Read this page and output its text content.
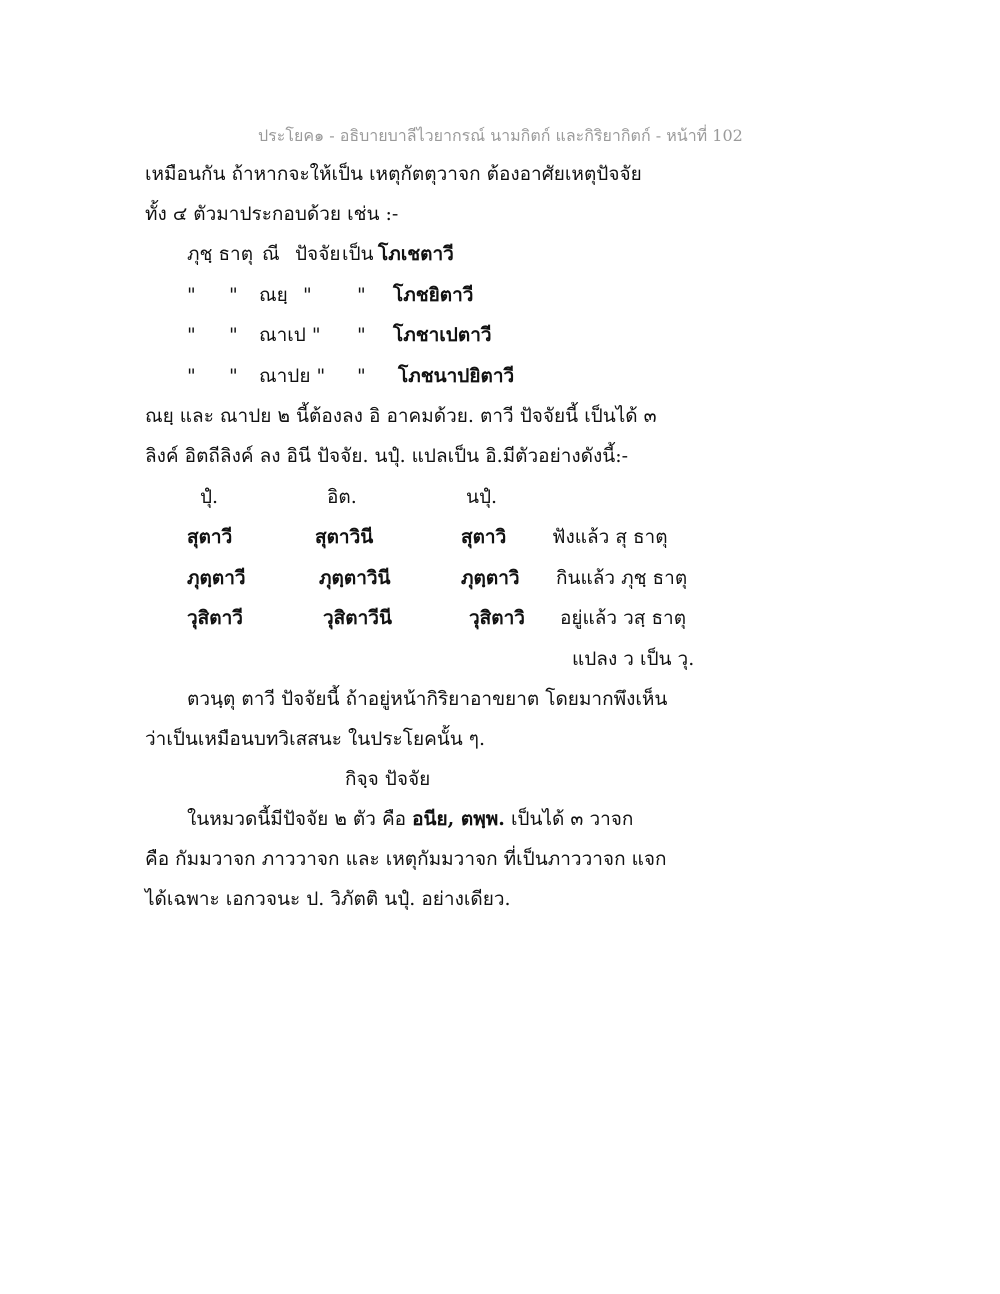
ประโยค๑ - อธิบายบาลีไวยากรณ์ นามกิตก์ และกิริยากิตก์ - หน้าที่ 102
เหมือนกัน ถ้าหากจะให้เป็น เหตุกัตตุวาจก ต้องอาศัยเหตุปัจจัย
ทั้ง ๔ ตัวมาประกอบด้วย เช่น :-
ภุชฺ ธาตุ ณี ปัจจัย เป็น โภเชตาวี
" " ณยฺ " " โภชยิตาวี
" " ณาเป " " โภชาเปตาวี
" " ณาปย " " โภชนาปยิตาวี
ณยฺ และ ณาปย ๒ นี้ต้องลง อิ อาคมด้วย. ตาวี ปัจจัยนี้ เป็นได้ ๓
ลิงค์ อิตถีลิงค์ ลง อินี ปัจจัย. นปุํ. แปลเป็น อิ.มีตัวอย่างดังนี้:-
ปุํ.	อิต.	นปุํ.
สุตาวี	สุตาวินี	สุตาวิ ฟังแล้ว สุ ธาตุ
ภุตฺตาวี	ภุตฺตาวินี	ภุตฺตาวิ กินแล้ว ภุชฺ ธาตุ
วุสิตาวี	วุสิตาวีนี	วุสิตาวิ อยู่แล้ว วสฺ ธาตุ
แปลง ว เป็น วุ.
ตวนฺตุ ตาวี ปัจจัยนี้ ถ้าอยู่หน้ากิริยาอาขยาต โดยมากพึงเห็น
ว่าเป็นเหมือนบทวิเสสนะ ในประโยคนั้น ๆ.
กิจฺจ ปัจจัย
ในหมวดนี้มีปัจจัย ๒ ตัว คือ อนีย, ตพฺพ. เป็นได้ ๓ วาจก
คือ กัมมวาจก ภาววาจก และ เหตุกัมมวาจก ที่เป็นภาววาจก แจก
ได้เฉพาะ เอกวจนะ ป. วิภัตติ นปุํ. อย่างเดียว.
